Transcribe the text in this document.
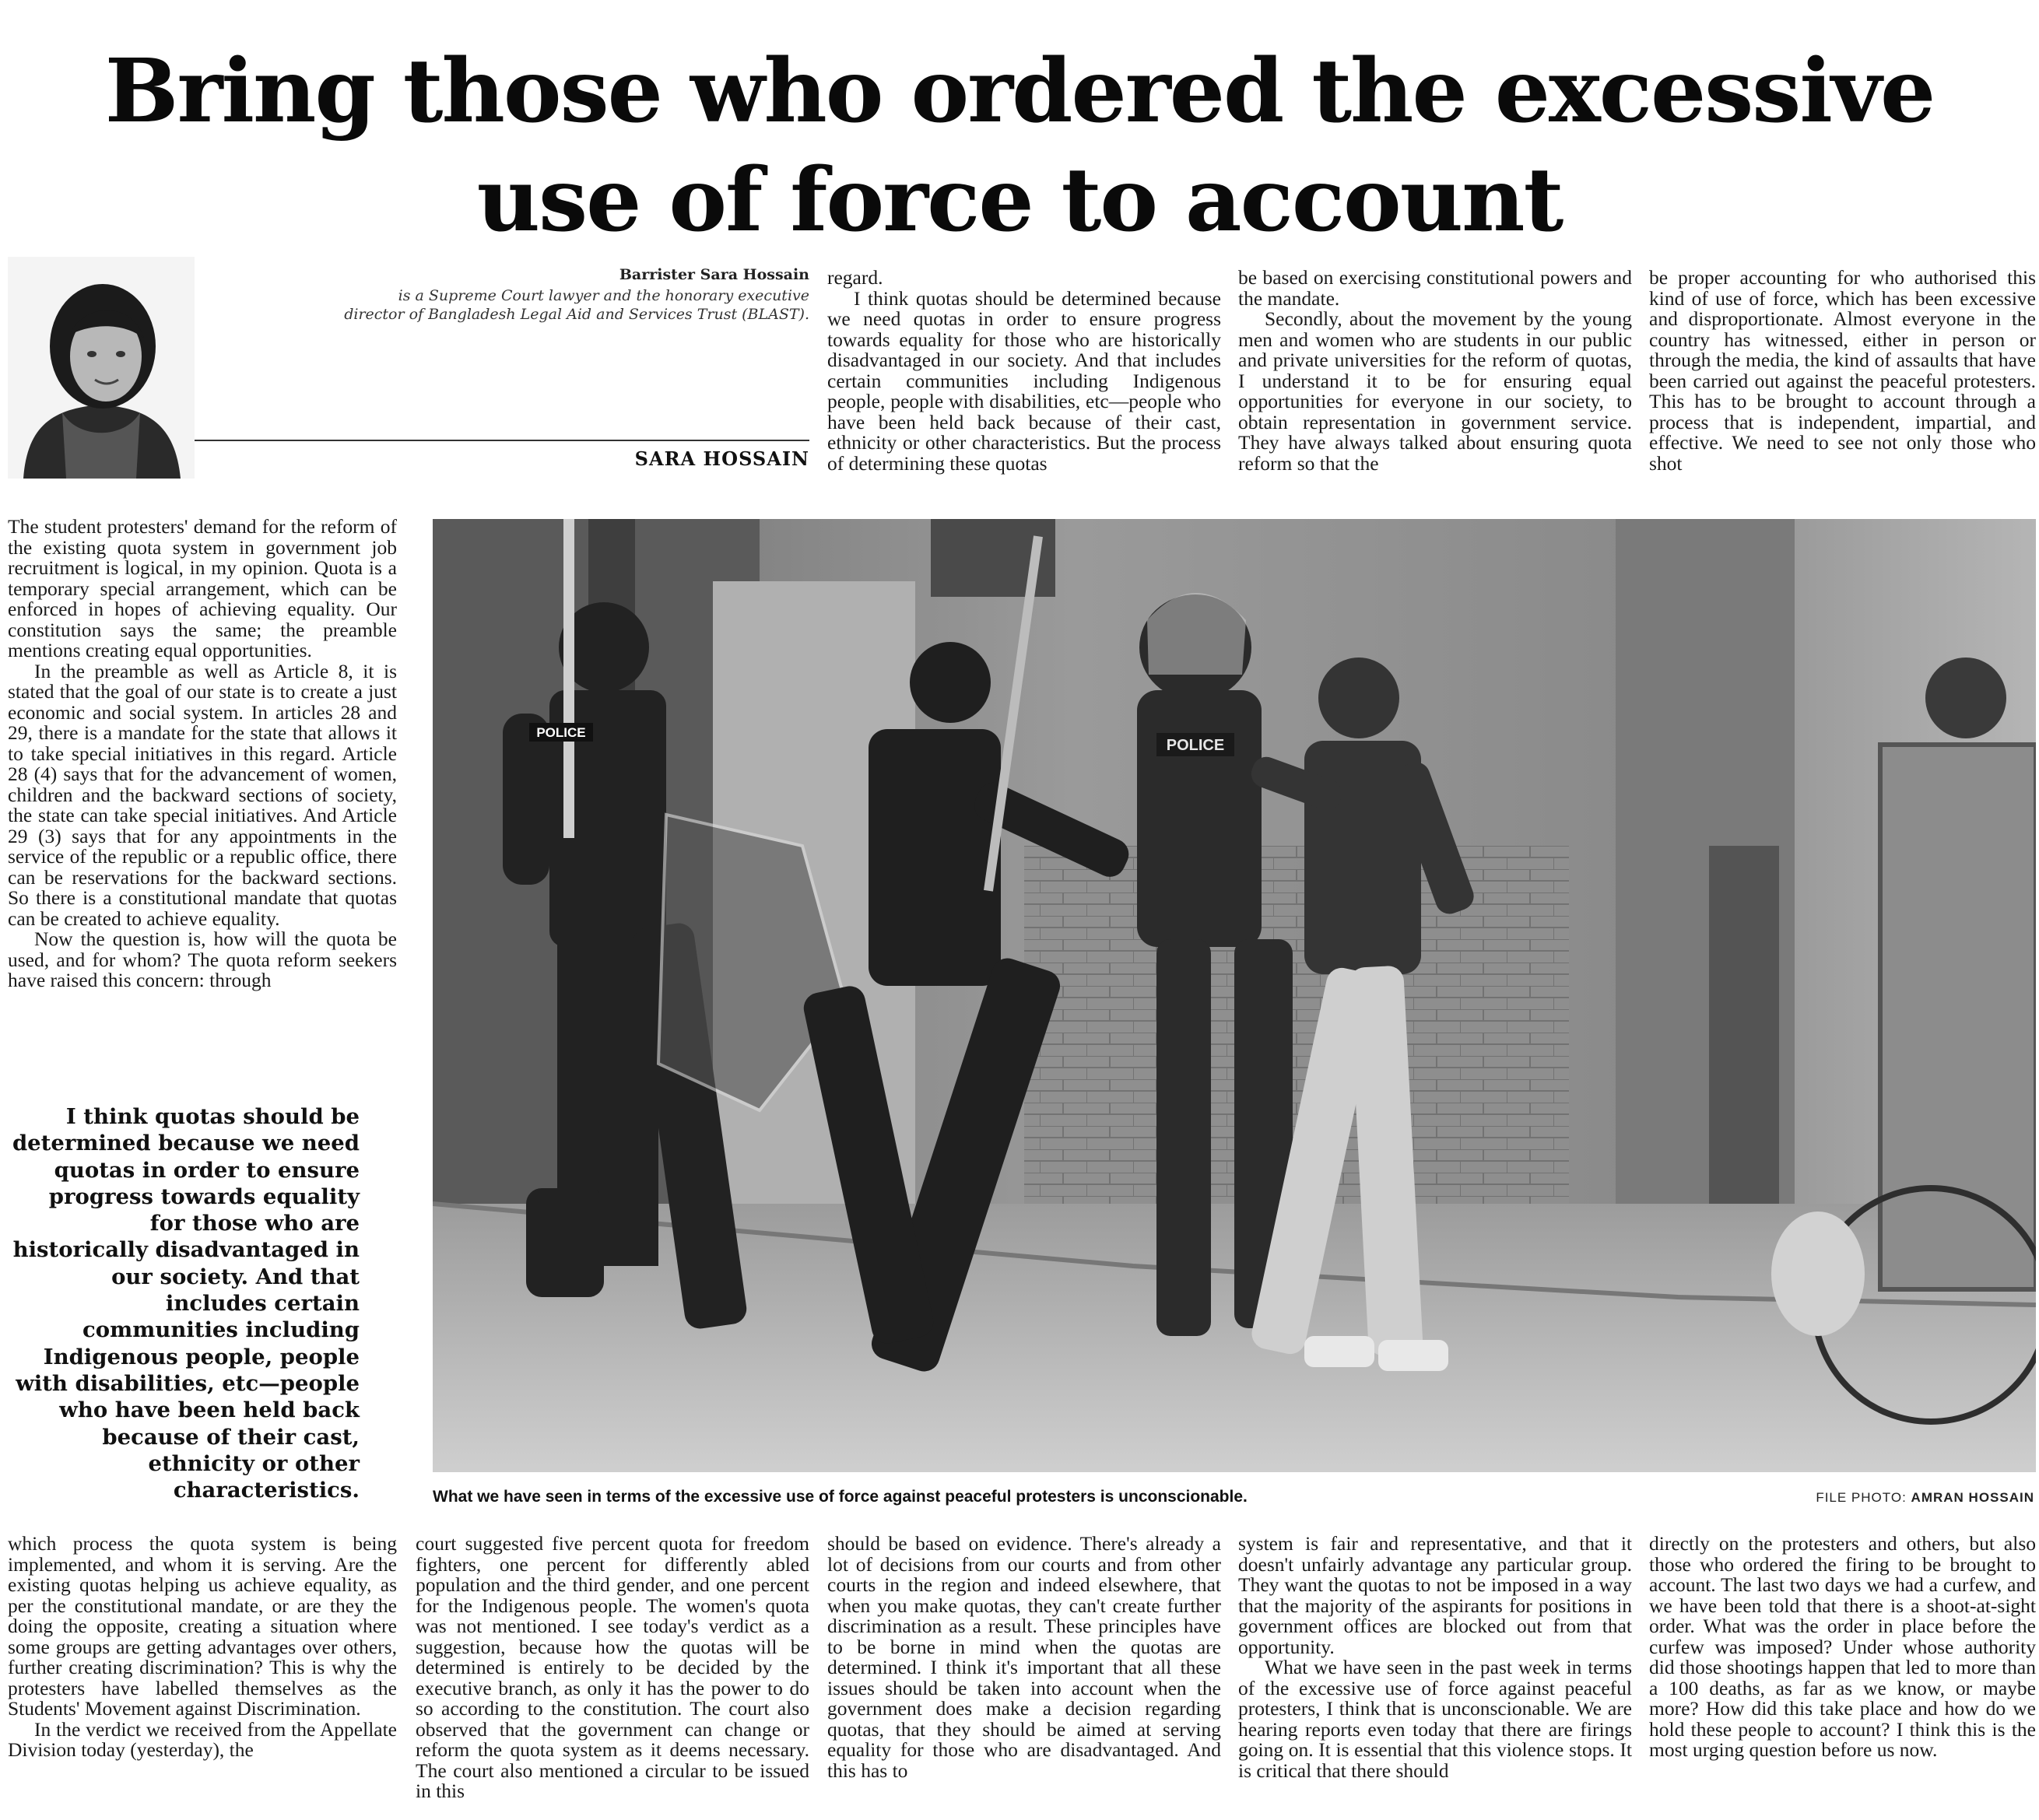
Bring those who ordered the excessive
use of force to account
Barrister Sara Hossain
is a Supreme Court lawyer and the honorary executive director of Bangladesh Legal Aid and Services Trust (BLAST).
SARA HOSSAIN

regard.

I think quotas should be determined because we need quotas in order to ensure progress towards equality for those who are historically disadvantaged in our society. And that includes certain communities including Indigenous people, people with disabilities, etc—people who have been held back because of their cast, ethnicity or other characteristics. But the process of determining these quotas

be based on exercising constitutional powers and the mandate.

Secondly, about the movement by the young men and women who are students in our public and private universities for the reform of quotas, I understand it to be for ensuring equal opportunities for everyone in our society, to obtain representation in government service. They have always talked about ensuring quota reform so that the

be proper accounting for who authorised this kind of use of force, which has been excessive and disproportionate. Almost everyone in the country has witnessed, either in person or through the media, the kind of assaults that have been carried out against the peaceful protesters. This has to be brought to account through a process that is independent, impartial, and effective. We need to see not only those who shot

The student protesters' demand for the reform of the existing quota system in government job recruitment is logical, in my opinion. Quota is a temporary special arrangement, which can be enforced in hopes of achieving equality. Our constitution says the same; the preamble mentions creating equal opportunities.

In the preamble as well as Article 8, it is stated that the goal of our state is to create a just economic and social system. In articles 28 and 29, there is a mandate for the state that allows it to take special initiatives in this regard. Article 28 (4) says that for the advancement of women, children and the backward sections of society, the state can take special initiatives. And Article 29 (3) says that for any appointments in the service of the republic or a republic office, there can be reservations for the backward sections. So there is a constitutional mandate that quotas can be created to achieve equality.

Now the question is, how will the quota be used, and for whom? The quota reform seekers have raised this concern: through

I think quotas should be determined because we need quotas in order to ensure progress towards equality for those who are historically disadvantaged in our society. And that includes certain communities including Indigenous people, people with disabilities, etc—people who have been held back because of their cast, ethnicity or other characteristics.
POLICE
POLICE
What we have seen in terms of the excessive use of force against peaceful protesters is unconscionable.	FILE PHOTO: AMRAN HOSSAIN

which process the quota system is being implemented, and whom it is serving. Are the existing quotas helping us achieve equality, as per the constitutional mandate, or are they the doing the opposite, creating a situation where some groups are getting advantages over others, further creating discrimination? This is why the protesters have labelled themselves as the Students' Movement against Discrimination.

In the verdict we received from the Appellate Division today (yesterday), the

court suggested five percent quota for freedom fighters, one percent for differently abled population and the third gender, and one percent for the Indigenous people. The women's quota was not mentioned. I see today's verdict as a suggestion, because how the quotas will be determined is entirely to be decided by the executive branch, as only it has the power to do so according to the constitution. The court also observed that the government can change or reform the quota system as it deems necessary. The court also mentioned a circular to be issued in this

should be based on evidence. There's already a lot of decisions from our courts and from other courts in the region and indeed elsewhere, that when you make quotas, they can't create further discrimination as a result. These principles have to be borne in mind when the quotas are determined. I think it's important that all these issues should be taken into account when the government does make a decision regarding quotas, that they should be aimed at serving equality for those who are disadvantaged. And this has to

system is fair and representative, and that it doesn't unfairly advantage any particular group. They want the quotas to not be imposed in a way that the majority of the aspirants for positions in government offices are blocked out from that opportunity.

What we have seen in the past week in terms of the excessive use of force against peaceful protesters, I think that is unconscionable. We are hearing reports even today that there are firings going on. It is essential that this violence stops. It is critical that there should

directly on the protesters and others, but also those who ordered the firing to be brought to account. The last two days we had a curfew, and we have been told that there is a shoot-at-sight order. What was the order in place before the curfew was imposed? Under whose authority did those shootings happen that led to more than a 100 deaths, as far as we know, or maybe more? How did this take place and how do we hold these people to account? I think this is the most urging question before us now.
